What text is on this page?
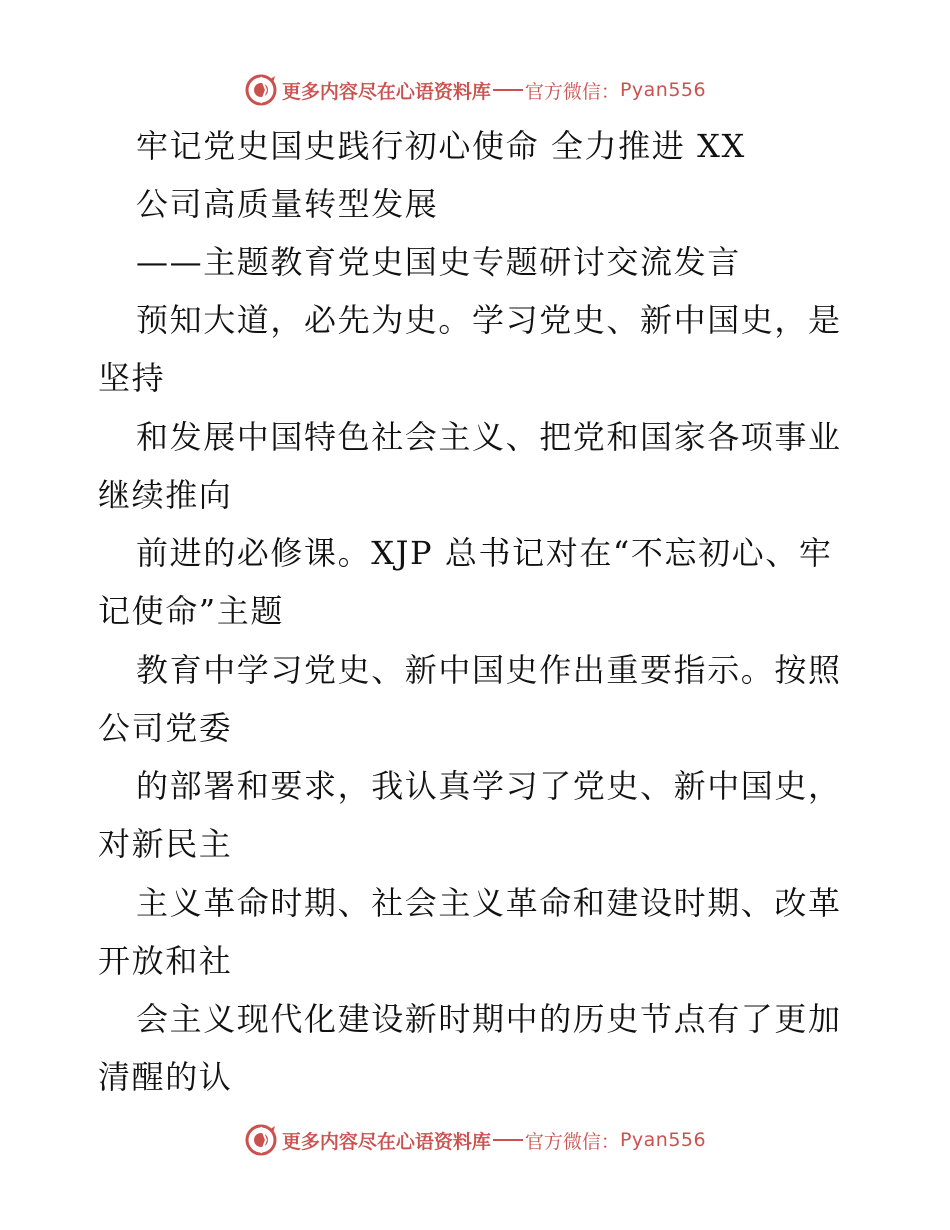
更多内容尽在心语资料库 官方微信： Pyan556
牢记党史国史践行初心使命 全力推进 XX
公司高质量转型发展
——主题教育党史国史专题研讨交流发言
预知大道，必先为史。学习党史、新中国史，是
坚持
和发展中国特色社会主义、把党和国家各项事业
继续推向
前进的必修课。XJP 总书记对在“不忘初心、牢
记使命”主题
教育中学习党史、新中国史作出重要指示。按照
公司党委
的部署和要求，我认真学习了党史、新中国史，
对新民主
主义革命时期、社会主义革命和建设时期、改革
开放和社
会主义现代化建设新时期中的历史节点有了更加
清醒的认
更多内容尽在心语资料库 官方微信： Pyan556
